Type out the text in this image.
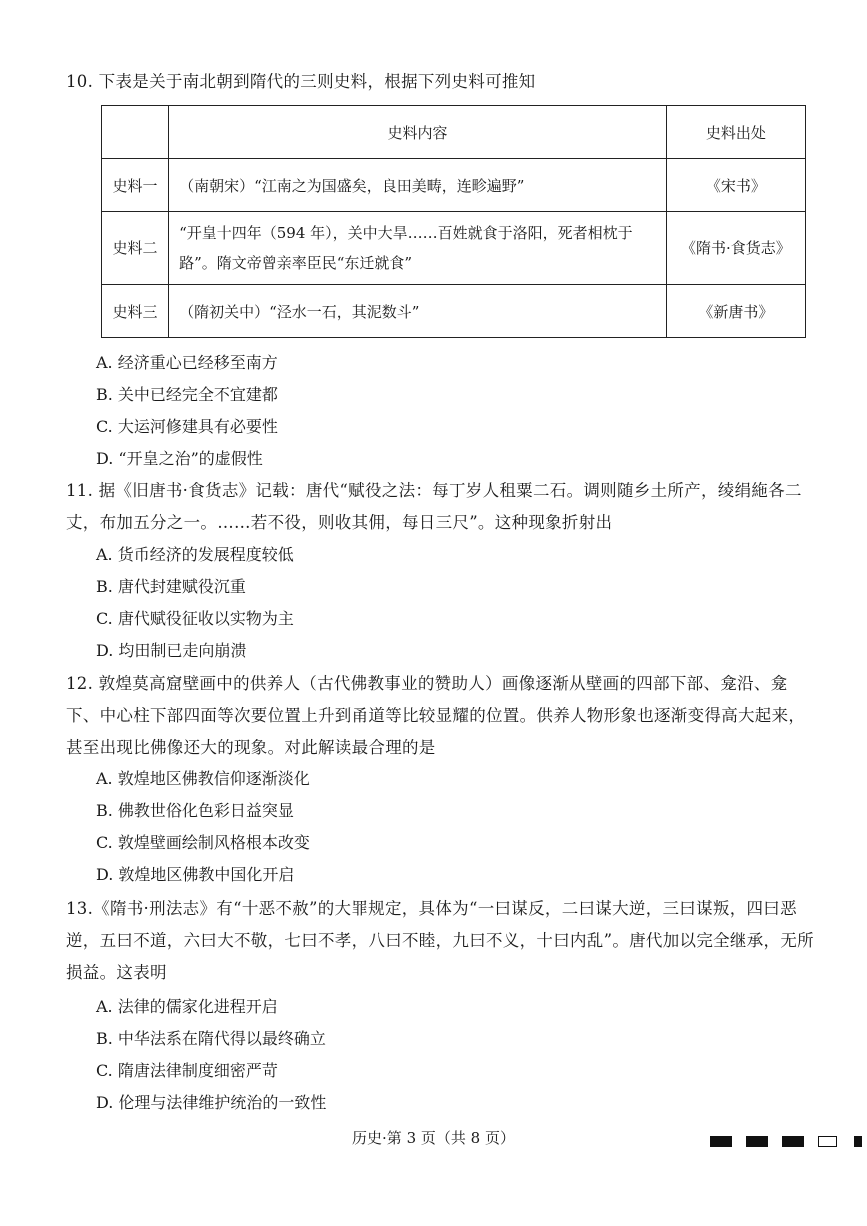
10. 下表是关于南北朝到隋代的三则史料，根据下列史料可推知
	史料内容	史料出处
史料一	（南朝宋）“江南之为国盛矣，良田美畴，连畛遍野”	《宋书》
史料二	“开皇十四年（594 年），关中大旱……百姓就食于洛阳，死者相枕于路”。隋文帝曾亲率臣民“东迁就食”	《隋书·食货志》
史料三	（隋初关中）“泾水一石，其泥数斗”	《新唐书》
A. 经济重心已经移至南方
B. 关中已经完全不宜建都
C. 大运河修建具有必要性
D. “开皇之治”的虚假性
11. 据《旧唐书·食货志》记载：唐代“赋役之法：每丁岁人租粟二石。调则随乡土所产，绫绢絁各二丈，布加五分之一。……若不役，则收其佣，每日三尺”。这种现象折射出
A. 货币经济的发展程度较低
B. 唐代封建赋役沉重
C. 唐代赋役征收以实物为主
D. 均田制已走向崩溃
12. 敦煌莫高窟壁画中的供养人（古代佛教事业的赞助人）画像逐渐从壁画的四部下部、龛沿、龛下、中心柱下部四面等次要位置上升到甬道等比较显耀的位置。供养人物形象也逐渐变得高大起来，甚至出现比佛像还大的现象。对此解读最合理的是
A. 敦煌地区佛教信仰逐渐淡化
B. 佛教世俗化色彩日益突显
C. 敦煌壁画绘制风格根本改变
D. 敦煌地区佛教中国化开启
13.《隋书·刑法志》有“十恶不赦”的大罪规定，具体为“一曰谋反，二曰谋大逆，三曰谋叛，四曰恶逆，五曰不道，六曰大不敬，七曰不孝，八曰不睦，九曰不义，十曰内乱”。唐代加以完全继承，无所损益。这表明
A. 法律的儒家化进程开启
B. 中华法系在隋代得以最终确立
C. 隋唐法律制度细密严苛
D. 伦理与法律维护统治的一致性
历史·第 3 页（共 8 页）
